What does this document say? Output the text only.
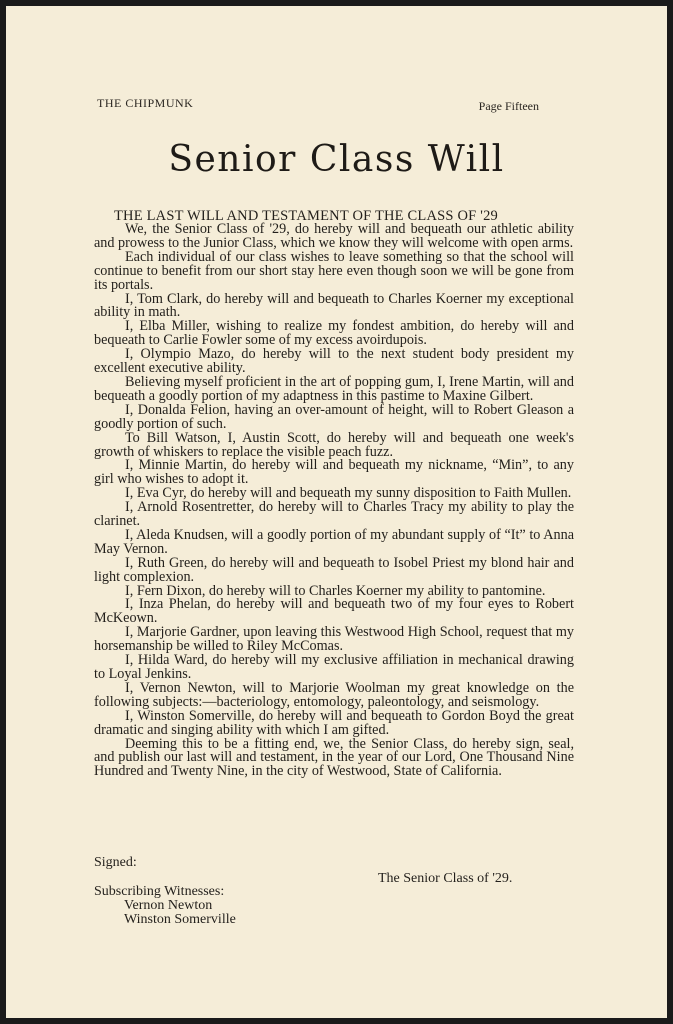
THE CHIPMUNK	Page Fifteen
Senior Class Will
THE LAST WILL AND TESTAMENT OF THE CLASS OF '29

We, the Senior Class of '29, do hereby will and bequeath our athletic ability and prowess to the Junior Class, which we know they will welcome with open arms.

Each individual of our class wishes to leave something so that the school will continue to benefit from our short stay here even though soon we will be gone from its portals.

I, Tom Clark, do hereby will and bequeath to Charles Koerner my exceptional ability in math.

I, Elba Miller, wishing to realize my fondest ambition, do hereby will and bequeath to Carlie Fowler some of my excess avoirdupois.

I, Olympio Mazo, do hereby will to the next student body president my excellent executive ability.

Believing myself proficient in the art of popping gum, I, Irene Martin, will and bequeath a goodly portion of my adaptness in this pastime to Maxine Gilbert.

I, Donalda Felion, having an over-amount of height, will to Robert Gleason a goodly portion of such.

To Bill Watson, I, Austin Scott, do hereby will and bequeath one week's growth of whiskers to replace the visible peach fuzz.

I, Minnie Martin, do hereby will and bequeath my nickname, “Min”, to any girl who wishes to adopt it.

I, Eva Cyr, do hereby will and bequeath my sunny disposition to Faith Mullen.

I, Arnold Rosentretter, do hereby will to Charles Tracy my ability to play the clarinet.

I, Aleda Knudsen, will a goodly portion of my abundant supply of “It” to Anna May Vernon.

I, Ruth Green, do hereby will and bequeath to Isobel Priest my blond hair and light complexion.

I, Fern Dixon, do hereby will to Charles Koerner my ability to pantomine.

I, Inza Phelan, do hereby will and bequeath two of my four eyes to Robert McKeown.

I, Marjorie Gardner, upon leaving this Westwood High School, request that my horsemanship be willed to Riley McComas.

I, Hilda Ward, do hereby will my exclusive affiliation in mechanical drawing to Loyal Jenkins.

I, Vernon Newton, will to Marjorie Woolman my great knowledge on the following subjects:—bacteriology, entomology, paleontology, and seismology.

I, Winston Somerville, do hereby will and bequeath to Gordon Boyd the great dramatic and singing ability with which I am gifted.

Deeming this to be a fitting end, we, the Senior Class, do hereby sign, seal, and publish our last will and testament, in the year of our Lord, One Thousand Nine Hundred and Twenty Nine, in the city of Westwood, State of California.

Signed:
The Senior Class of '29.
Subscribing Witnesses:
Vernon Newton
Winston Somerville
